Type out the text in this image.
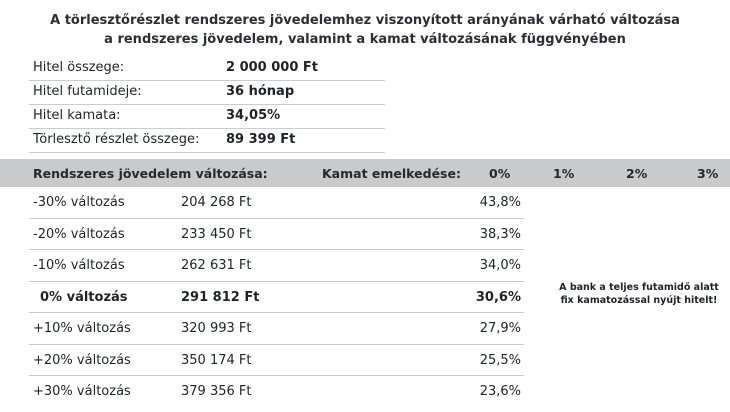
A törlesztőrészlet rendszeres jövedelemhez viszonyított arányának várható változása
a rendszeres jövedelem, valamint a kamat változásának függvényében
Hitel összege:	2 000 000 Ft
Hitel futamideje:	36 hónap
Hitel kamata:	34,05%
Törlesztő részlet összege: 89 399 Ft
Rendszeres jövedelem változása:	Kamat emelkedése: 0%	1%	2%	3%
-30% változás	204 268 Ft	43,8%
-20% változás	233 450 Ft	38,3%
-10% változás	262 631 Ft	34,0%
0% változás	291 812 Ft	30,6%
+10% változás	320 993 Ft	27,9%
+20% változás	350 174 Ft	25,5%
+30% változás	379 356 Ft	23,6%
A bank a teljes futamidő alatt
fix kamatozással nyújt hitelt!
